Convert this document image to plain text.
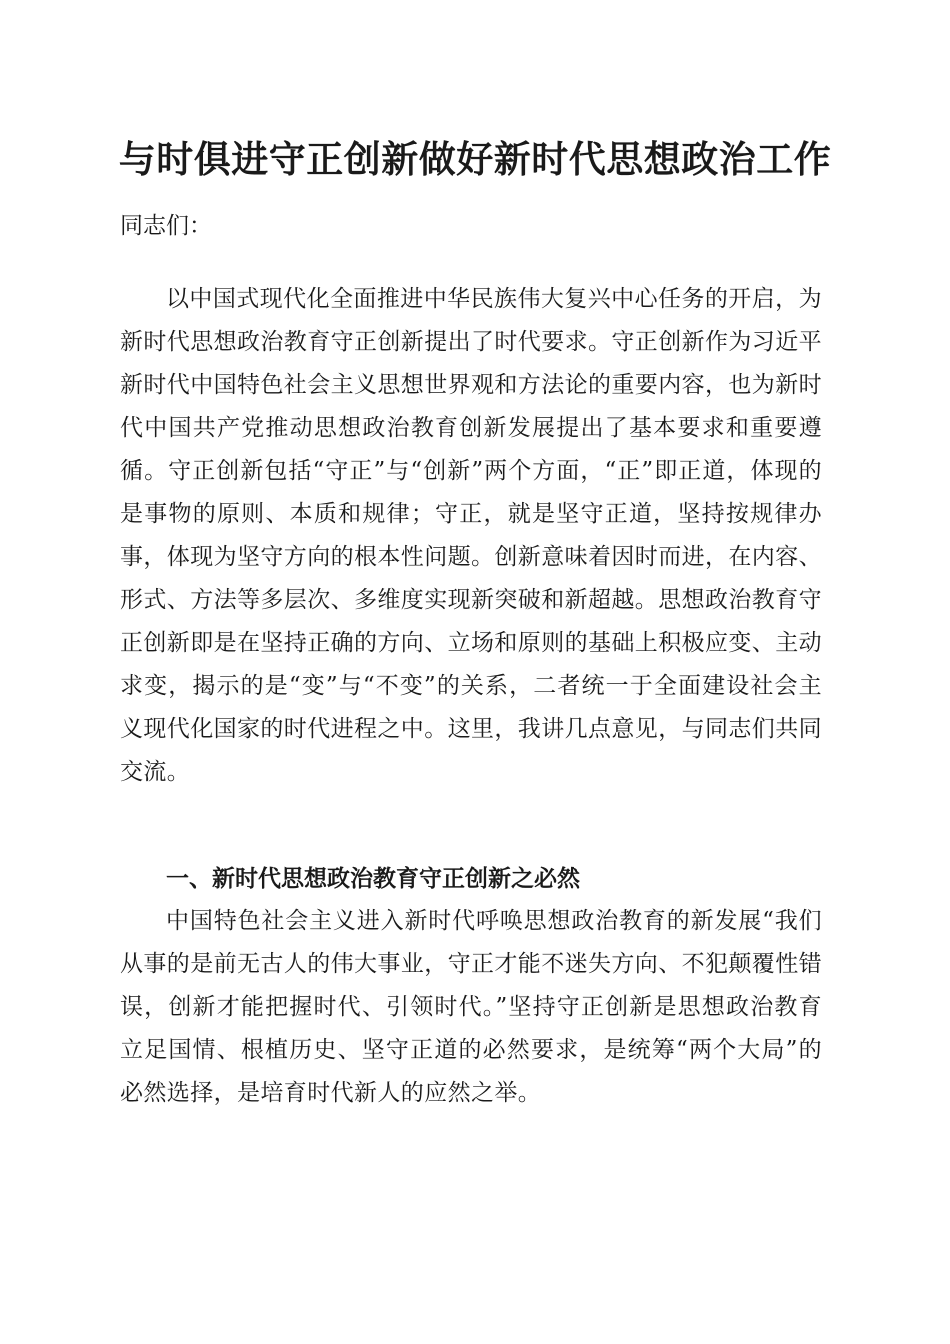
与时俱进守正创新做好新时代思想政治工作
同志们：
以中国式现代化全面推进中华民族伟大复兴中心任务的开启，为新时代思想政治教育守正创新提出了时代要求。守正创新作为习近平新时代中国特色社会主义思想世界观和方法论的重要内容，也为新时代中国共产党推动思想政治教育创新发展提出了基本要求和重要遵循。守正创新包括“守正”与“创新”两个方面，“正”即正道，体现的是事物的原则、本质和规律；守正，就是坚守正道，坚持按规律办事，体现为坚守方向的根本性问题。创新意味着因时而进，在内容、形式、方法等多层次、多维度实现新突破和新超越。思想政治教育守正创新即是在坚持正确的方向、立场和原则的基础上积极应变、主动求变，揭示的是“变”与“不变”的关系，二者统一于全面建设社会主义现代化国家的时代进程之中。这里，我讲几点意见，与同志们共同交流。
一、新时代思想政治教育守正创新之必然
中国特色社会主义进入新时代呼唤思想政治教育的新发展“我们从事的是前无古人的伟大事业，守正才能不迷失方向、不犯颠覆性错误，创新才能把握时代、引领时代。”坚持守正创新是思想政治教育立足国情、根植历史、坚守正道的必然要求，是统筹“两个大局”的必然选择，是培育时代新人的应然之举。
